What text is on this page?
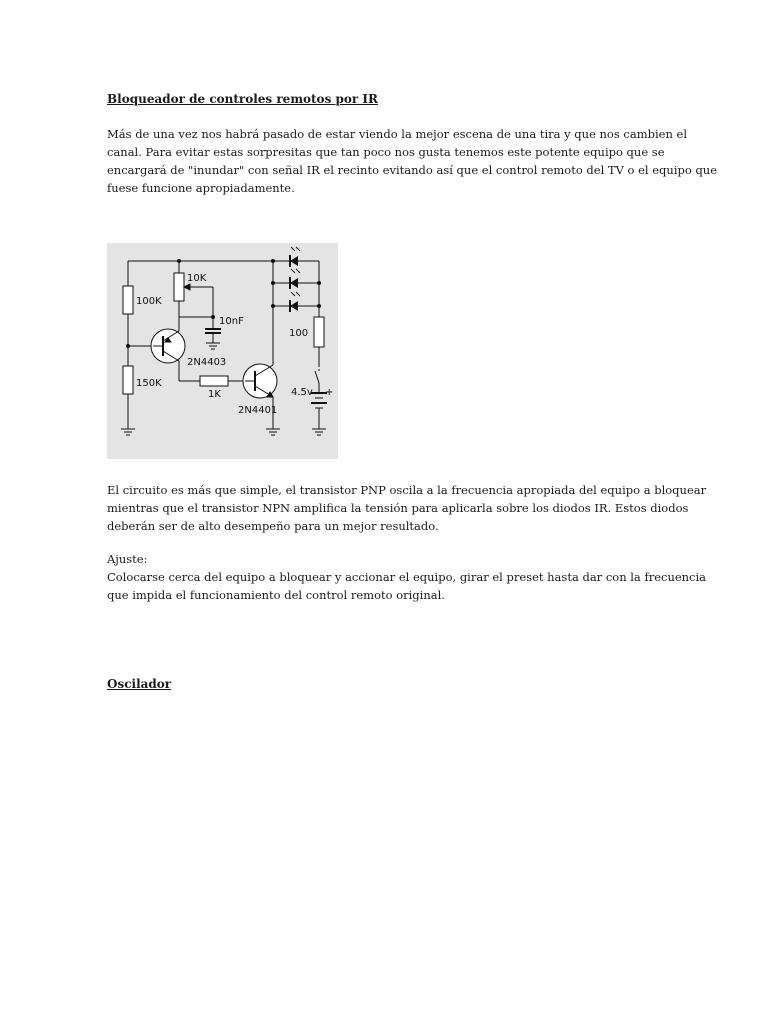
Bloqueador de controles remotos por IR

Más de una vez nos habrá pasado de estar viendo la mejor escena de una tira y que nos cambien el
canal. Para evitar estas sorpresitas que tan poco nos gusta tenemos este potente equipo que se
encargará de "inundar" con señal IR el recinto evitando así que el control remoto del TV o el equipo que
fuese funcione apropiadamente.
100K
150K
10K
10nF
2N4403
1K
2N4401
100
4.5v +
El circuito es más que simple, el transistor PNP oscila a la frecuencia apropiada del equipo a bloquear
mientras que el transistor NPN amplifica la tensión para aplicarla sobre los diodos IR. Estos diodos
deberán ser de alto desempeño para un mejor resultado.
Ajuste:
Colocarse cerca del equipo a bloquear y accionar el equipo, girar el preset hasta dar con la frecuencia
que impida el funcionamiento del control remoto original.

Oscilador
